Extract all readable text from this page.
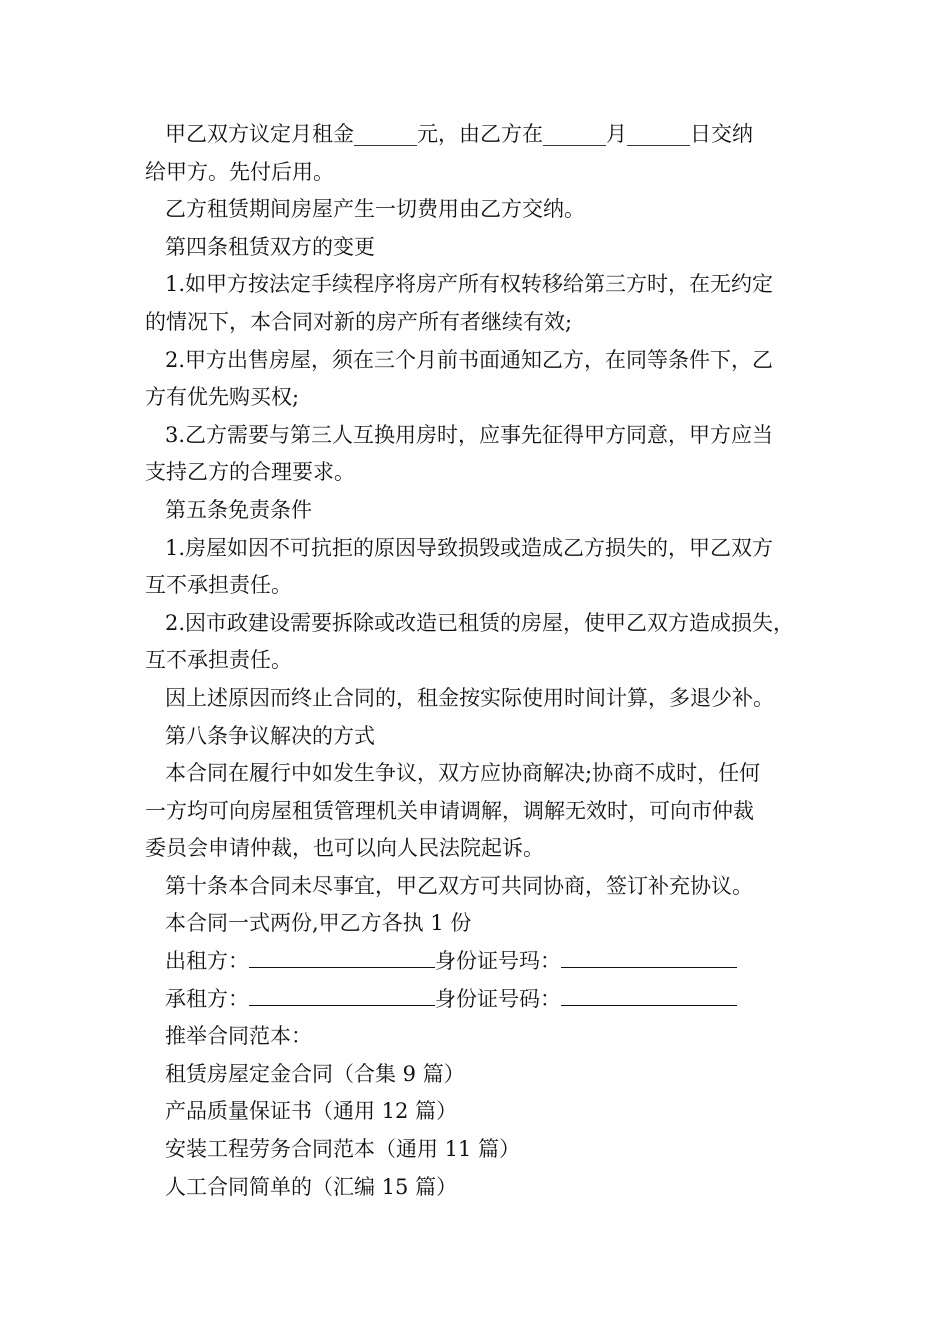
甲乙双方议定月租金______元，由乙方在______月______日交纳
给甲方。先付后用。
乙方租赁期间房屋产生一切费用由乙方交纳。
第四条租赁双方的变更
1.如甲方按法定手续程序将房产所有权转移给第三方时，在无约定
的情况下，本合同对新的房产所有者继续有效;
2.甲方出售房屋，须在三个月前书面通知乙方，在同等条件下，乙
方有优先购买权;
3.乙方需要与第三人互换用房时，应事先征得甲方同意，甲方应当
支持乙方的合理要求。
第五条免责条件
1.房屋如因不可抗拒的原因导致损毁或造成乙方损失的，甲乙双方
互不承担责任。
2.因市政建设需要拆除或改造已租赁的房屋，使甲乙双方造成损失，
互不承担责任。
因上述原因而终止合同的，租金按实际使用时间计算，多退少补。
第八条争议解决的方式
本合同在履行中如发生争议，双方应协商解决;协商不成时，任何
一方均可向房屋租赁管理机关申请调解，调解无效时，可向市仲裁
委员会申请仲裁，也可以向人民法院起诉。
第十条本合同未尽事宜，甲乙双方可共同协商，签订补充协议。
本合同一式两份,甲乙方各执 1 份
出租方：	身份证号玛：
承租方：	身份证号码：
推举合同范本：
租赁房屋定金合同（合集 9 篇）
产品质量保证书（通用 12 篇）
安装工程劳务合同范本（通用 11 篇）
人工合同简单的（汇编 15 篇）
